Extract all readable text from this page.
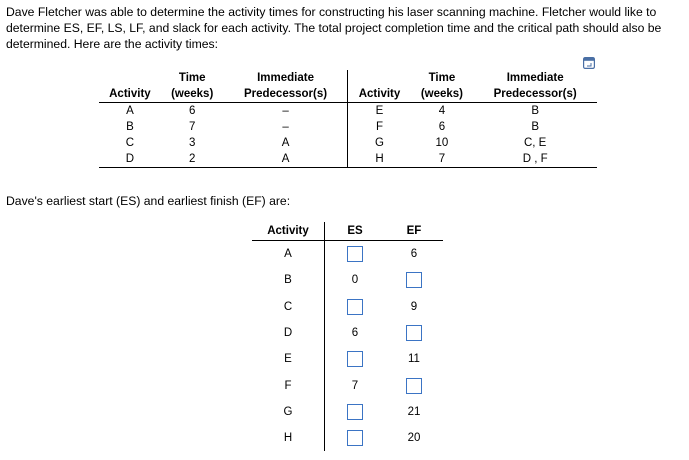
Dave Fletcher was able to determine the activity times for constructing his laser scanning machine. Fletcher would like to determine ES, EF, LS, LF, and slack for each activity. The total project completion time and the critical path should also be determined. Here are the activity times:

	Time	Immediate		Time	Immediate
Activity	(weeks)	Predecessor(s)	Activity	(weeks)	Predecessor(s)
A	6	–	E	4	B
B	7	–	F	6	B
C	3	A	G	10	C, E
D	2	A	H	7	D , F

Dave's earliest start (ES) and earliest finish (EF) are:

Activity	ES	EF
A		6
B	0	
C		9
D	6	
E		11
F	7	
G		21
H		20
